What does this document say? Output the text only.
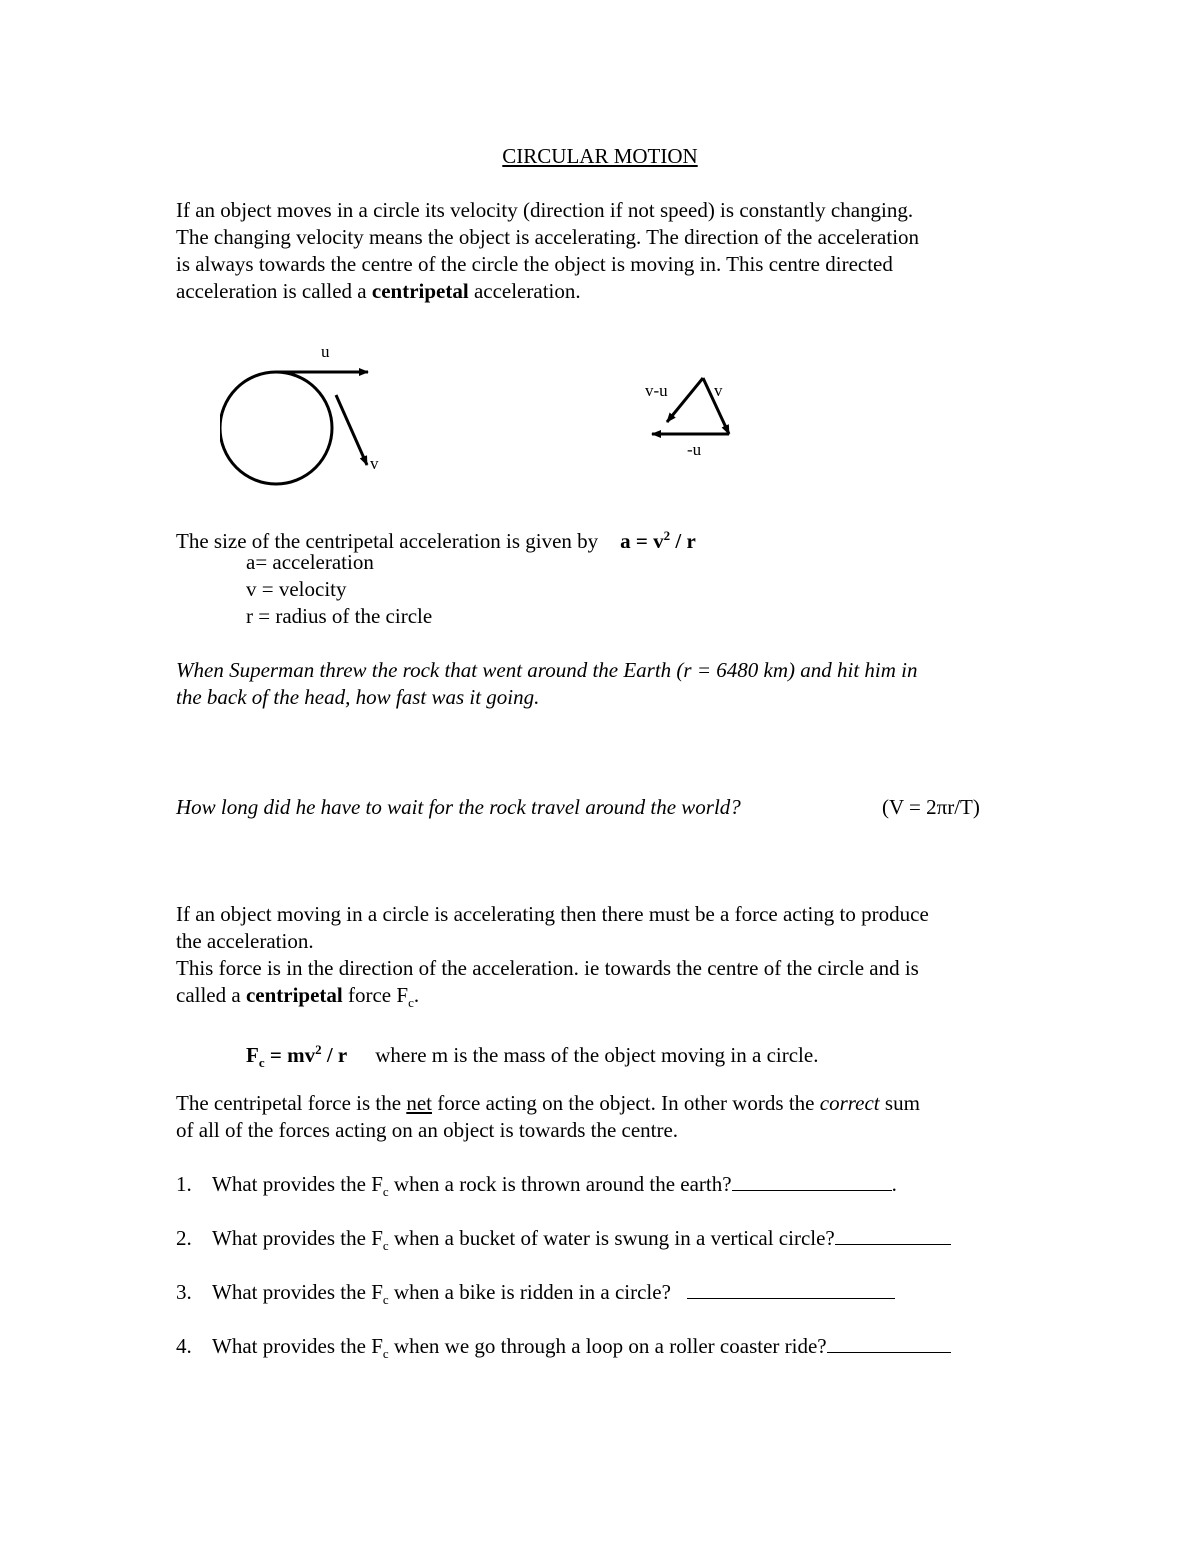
CIRCULAR MOTION
If an object moves in a circle its velocity (direction if not speed) is constantly changing.
The changing velocity means the object is accelerating. The direction of the acceleration
is always towards the centre of the circle the object is moving in. This centre directed
acceleration is called a centripetal acceleration.
u
v
v-u	v
-u
The size of the centripetal acceleration is given by $a = v^2 / r$
a= acceleration
v = velocity
r = radius of the circle
When Superman threw the rock that went around the Earth (r = 6480 km) and hit him in
the back of the head, how fast was it going.
How long did he have to wait for the rock travel around the world?	(V = 2πr/T)
If an object moving in a circle is accelerating then there must be a force acting to produce
the acceleration.
This force is in the direction of the acceleration. ie towards the centre of the circle and is
called a centripetal force $F_c$.
$F_c = mv^2 / r$ where m is the mass of the object moving in a circle.
The centripetal force is the net force acting on the object. In other words the correct sum
of all of the forces acting on an object is towards the centre.
1. What provides the $F_c$ when a rock is thrown around the earth?	.
2. What provides the $F_c$ when a bucket of water is swung in a vertical circle?
3. What provides the $F_c$ when a bike is ridden in a circle?
4. What provides the $F_c$ when we go through a loop on a roller coaster ride?
